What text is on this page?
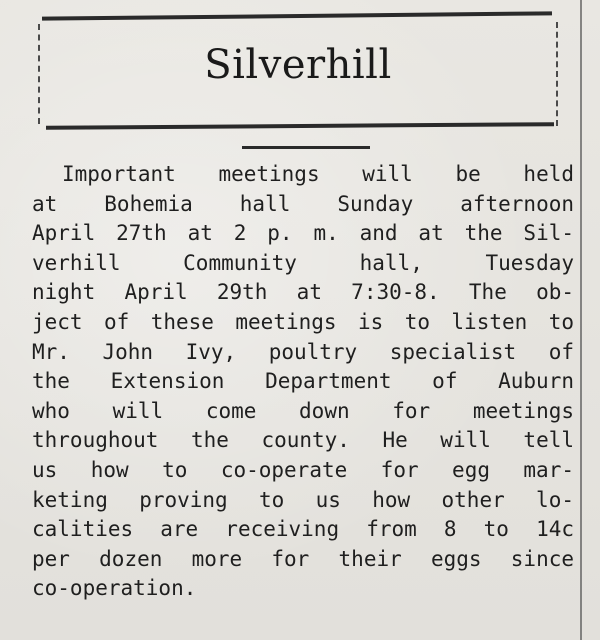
Silverhill
Important meetings will be held
at Bohemia hall Sunday afternoon
April 27th at 2 p. m. and at the Sil-
verhill Community hall, Tuesday
night April 29th at 7:30-8. The ob-
ject of these meetings is to listen to
Mr. John Ivy, poultry specialist of
the Extension Department of Auburn
who will come down for meetings
throughout the county. He will tell
us how to co-operate for egg mar-
keting proving to us how other lo-
calities are receiving from 8 to 14c
per dozen more for their eggs since
co-operation.
